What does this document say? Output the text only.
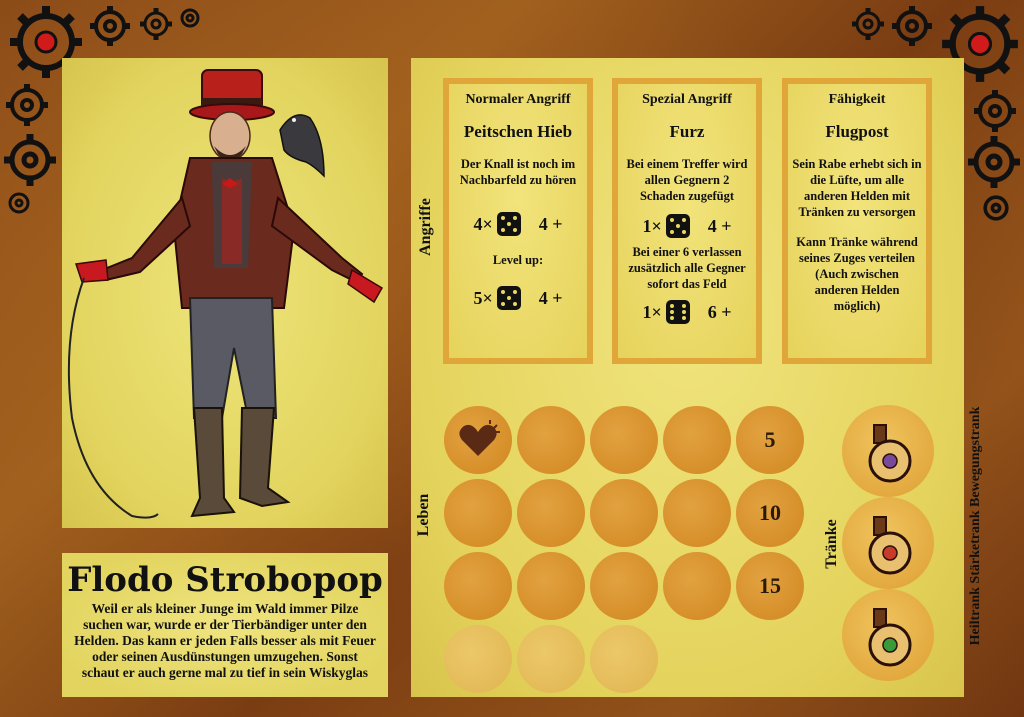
Flodo Strobopop
Weil er als kleiner Junge im Wald immer Pilze suchen war, wurde er der Tierbändiger unter den Helden. Das kann er jeden Falls besser als mit Feuer oder seinen Ausdünstungen umzugehen. Sonst schaut er auch gerne mal zu tief in sein Wiskyglas
Angriffe
Normaler Angriff
Peitschen Hieb
Der Knall ist noch im Nachbarfeld zu hören
4×	4 +
Level up:
5×	4 +
Spezial Angriff
Furz
Bei einem Treffer wird allen Gegnern 2 Schaden zugefügt
1×	4 +
Bei einer 6 verlassen zusätzlich alle Gegner sofort das Feld
1×	6 +
Fähigkeit
Flugpost
Sein Rabe erhebt sich in die Lüfte, um alle anderen Helden mit Tränken zu versorgen
Kann Tränke während seines Zuges verteilen (Auch zwischen anderen Helden möglich)
Leben
5
10
15
Tränke	Heiltrank Stärketrank Bewegungstrank
